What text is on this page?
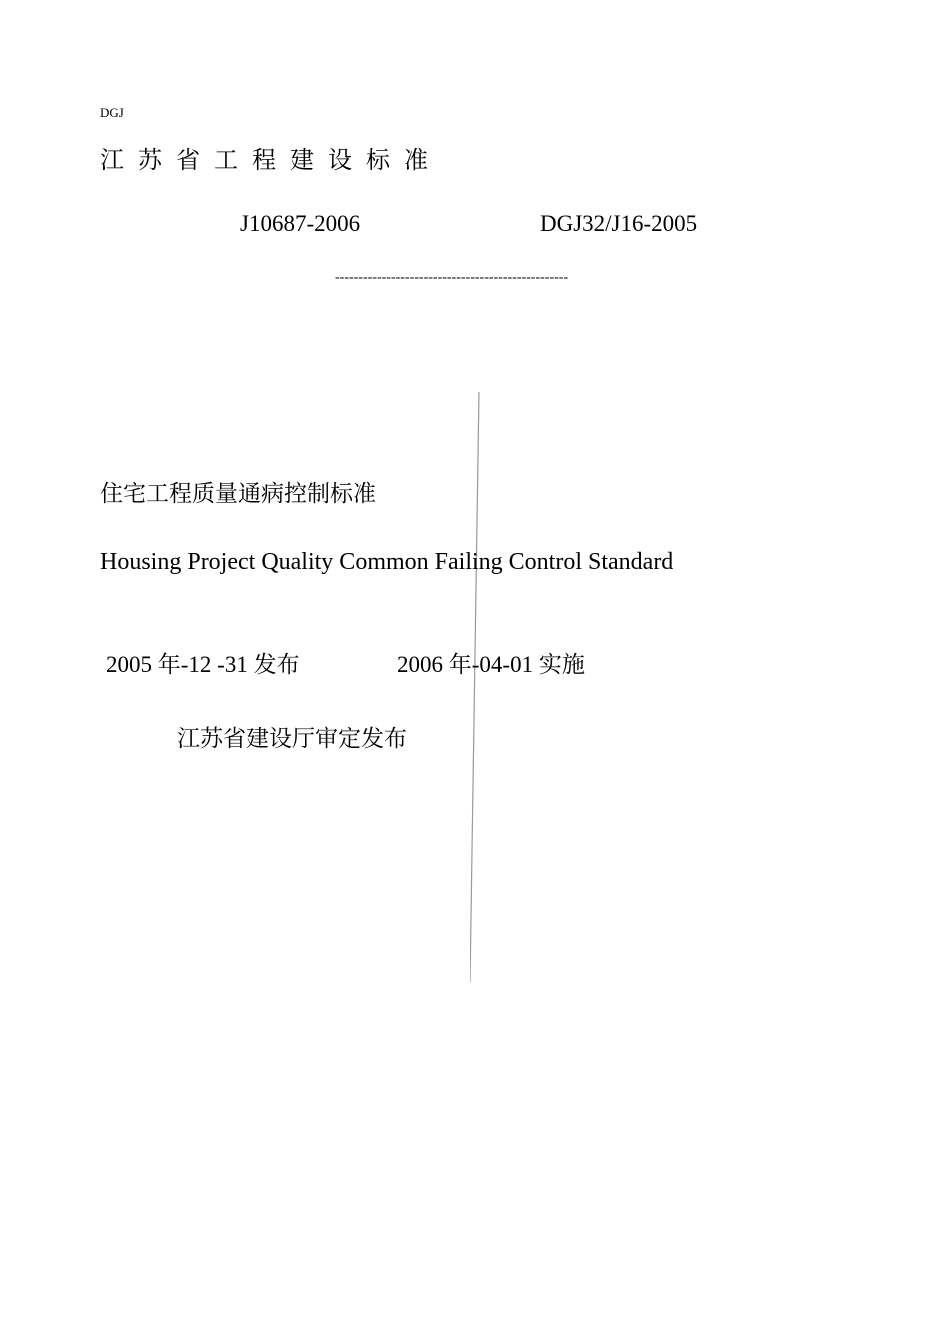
DGJ
江苏省工程建设标准
J10687-2006	DGJ32/J16-2005
--------------------------------------------------
住宅工程质量通病控制标准
Housing Project Quality Common Failing Control Standard
2005 年-12 -31 发布	2006 年-04-01 实施
江苏省建设厅审定发布
